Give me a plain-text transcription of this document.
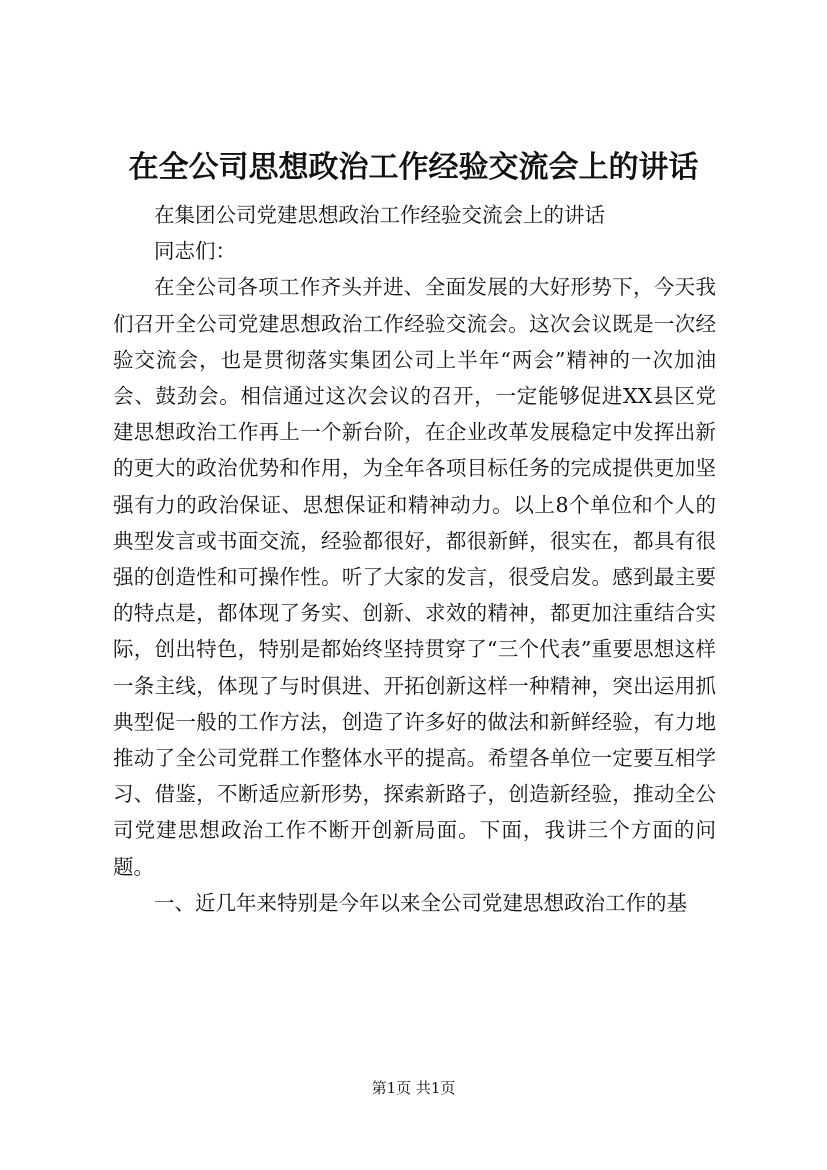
在全公司思想政治工作经验交流会上的讲话

在集团公司党建思想政治工作经验交流会上的讲话

同志们：

在全公司各项工作齐头并进、全面发展的大好形势下，今天我们召开全公司党建思想政治工作经验交流会。这次会议既是一次经验交流会，也是贯彻落实集团公司上半年“两会”精神的一次加油会、鼓劲会。相信通过这次会议的召开，一定能够促进XX县区党建思想政治工作再上一个新台阶，在企业改革发展稳定中发挥出新的更大的政治优势和作用，为全年各项目标任务的完成提供更加坚强有力的政治保证、思想保证和精神动力。以上8个单位和个人的典型发言或书面交流，经验都很好，都很新鲜，很实在，都具有很强的创造性和可操作性。听了大家的发言，很受启发。感到最主要的特点是，都体现了务实、创新、求效的精神，都更加注重结合实际，创出特色，特别是都始终坚持贯穿了“三个代表”重要思想这样一条主线，体现了与时俱进、开拓创新这样一种精神，突出运用抓典型促一般的工作方法，创造了许多好的做法和新鲜经验，有力地推动了全公司党群工作整体水平的提高。希望各单位一定要互相学习、借鉴，不断适应新形势，探索新路子，创造新经验，推动全公司党建思想政治工作不断开创新局面。下面，我讲三个方面的问题。

一、近几年来特别是今年以来全公司党建思想政治工作的基

第1页 共1页
